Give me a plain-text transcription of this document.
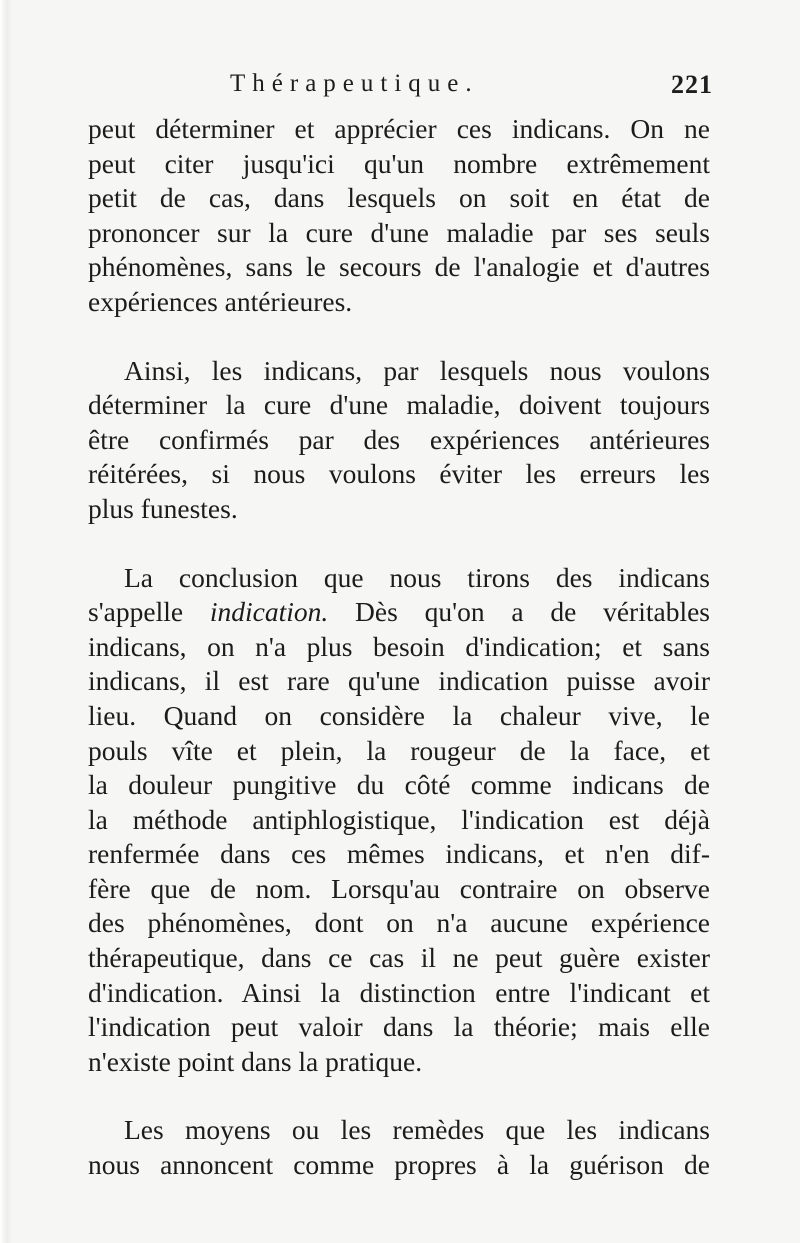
Thérapeutique.	221
peut déterminer et apprécier ces indicans. On ne
peut citer jusqu'ici qu'un nombre extrêmement
petit de cas, dans lesquels on soit en état de
prononcer sur la cure d'une maladie par ses seuls
phénomènes, sans le secours de l'analogie et d'autres
expériences antérieures.
Ainsi, les indicans, par lesquels nous voulons
déterminer la cure d'une maladie, doivent toujours
être confirmés par des expériences antérieures
réitérées, si nous voulons éviter les erreurs les
plus funestes.
La conclusion que nous tirons des indicans
s'appelle indication. Dès qu'on a de véritables
indicans, on n'a plus besoin d'indication; et sans
indicans, il est rare qu'une indication puisse avoir
lieu. Quand on considère la chaleur vive, le
pouls vîte et plein, la rougeur de la face, et
la douleur pungitive du côté comme indicans de
la méthode antiphlogistique, l'indication est déjà
renfermée dans ces mêmes indicans, et n'en dif-
fère que de nom. Lorsqu'au contraire on observe
des phénomènes, dont on n'a aucune expérience
thérapeutique, dans ce cas il ne peut guère exister
d'indication. Ainsi la distinction entre l'indicant et
l'indication peut valoir dans la théorie; mais elle
n'existe point dans la pratique.
Les moyens ou les remèdes que les indicans
nous annoncent comme propres à la guérison de
